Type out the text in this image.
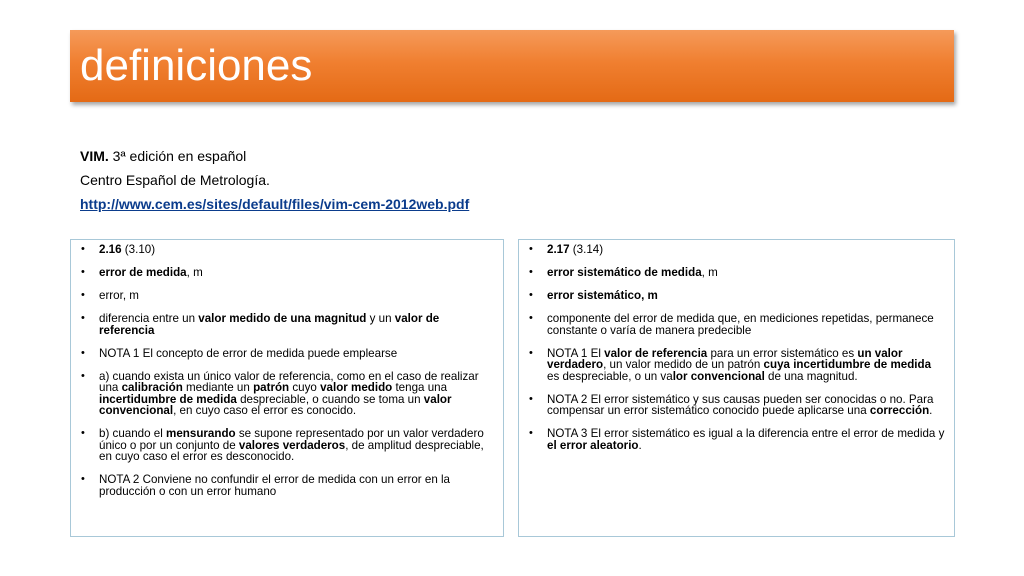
definiciones
VIM. 3ª edición en español
Centro Español de Metrología.
http://www.cem.es/sites/default/files/vim-cem-2012web.pdf
• 2.16 (3.10)
• error de medida, m
• error, m
• diferencia entre un valor medido de una magnitud y un valor de referencia
• NOTA 1 El concepto de error de medida puede emplearse
• a) cuando exista un único valor de referencia, como en el caso de realizar una calibración mediante un patrón cuyo valor medido tenga una incertidumbre de medida despreciable, o cuando se toma un valor convencional, en cuyo caso el error es conocido.
• b) cuando el mensurando se supone representado por un valor verdadero único o por un conjunto de valores verdaderos, de amplitud despreciable, en cuyo caso el error es desconocido.
• NOTA 2 Conviene no confundir el error de medida con un error en la producción o con un error humano
• 2.17 (3.14)
• error sistemático de medida, m
• error sistemático, m
• componente del error de medida que, en mediciones repetidas, permanece constante o varía de manera predecible
• NOTA 1 El valor de referencia para un error sistemático es un valor verdadero, un valor medido de un patrón cuya incertidumbre de medida es despreciable, o un valor convencional de una magnitud.
• NOTA 2 El error sistemático y sus causas pueden ser conocidas o no. Para compensar un error sistemático conocido puede aplicarse una corrección.
• NOTA 3 El error sistemático es igual a la diferencia entre el error de medida y el error aleatorio.
